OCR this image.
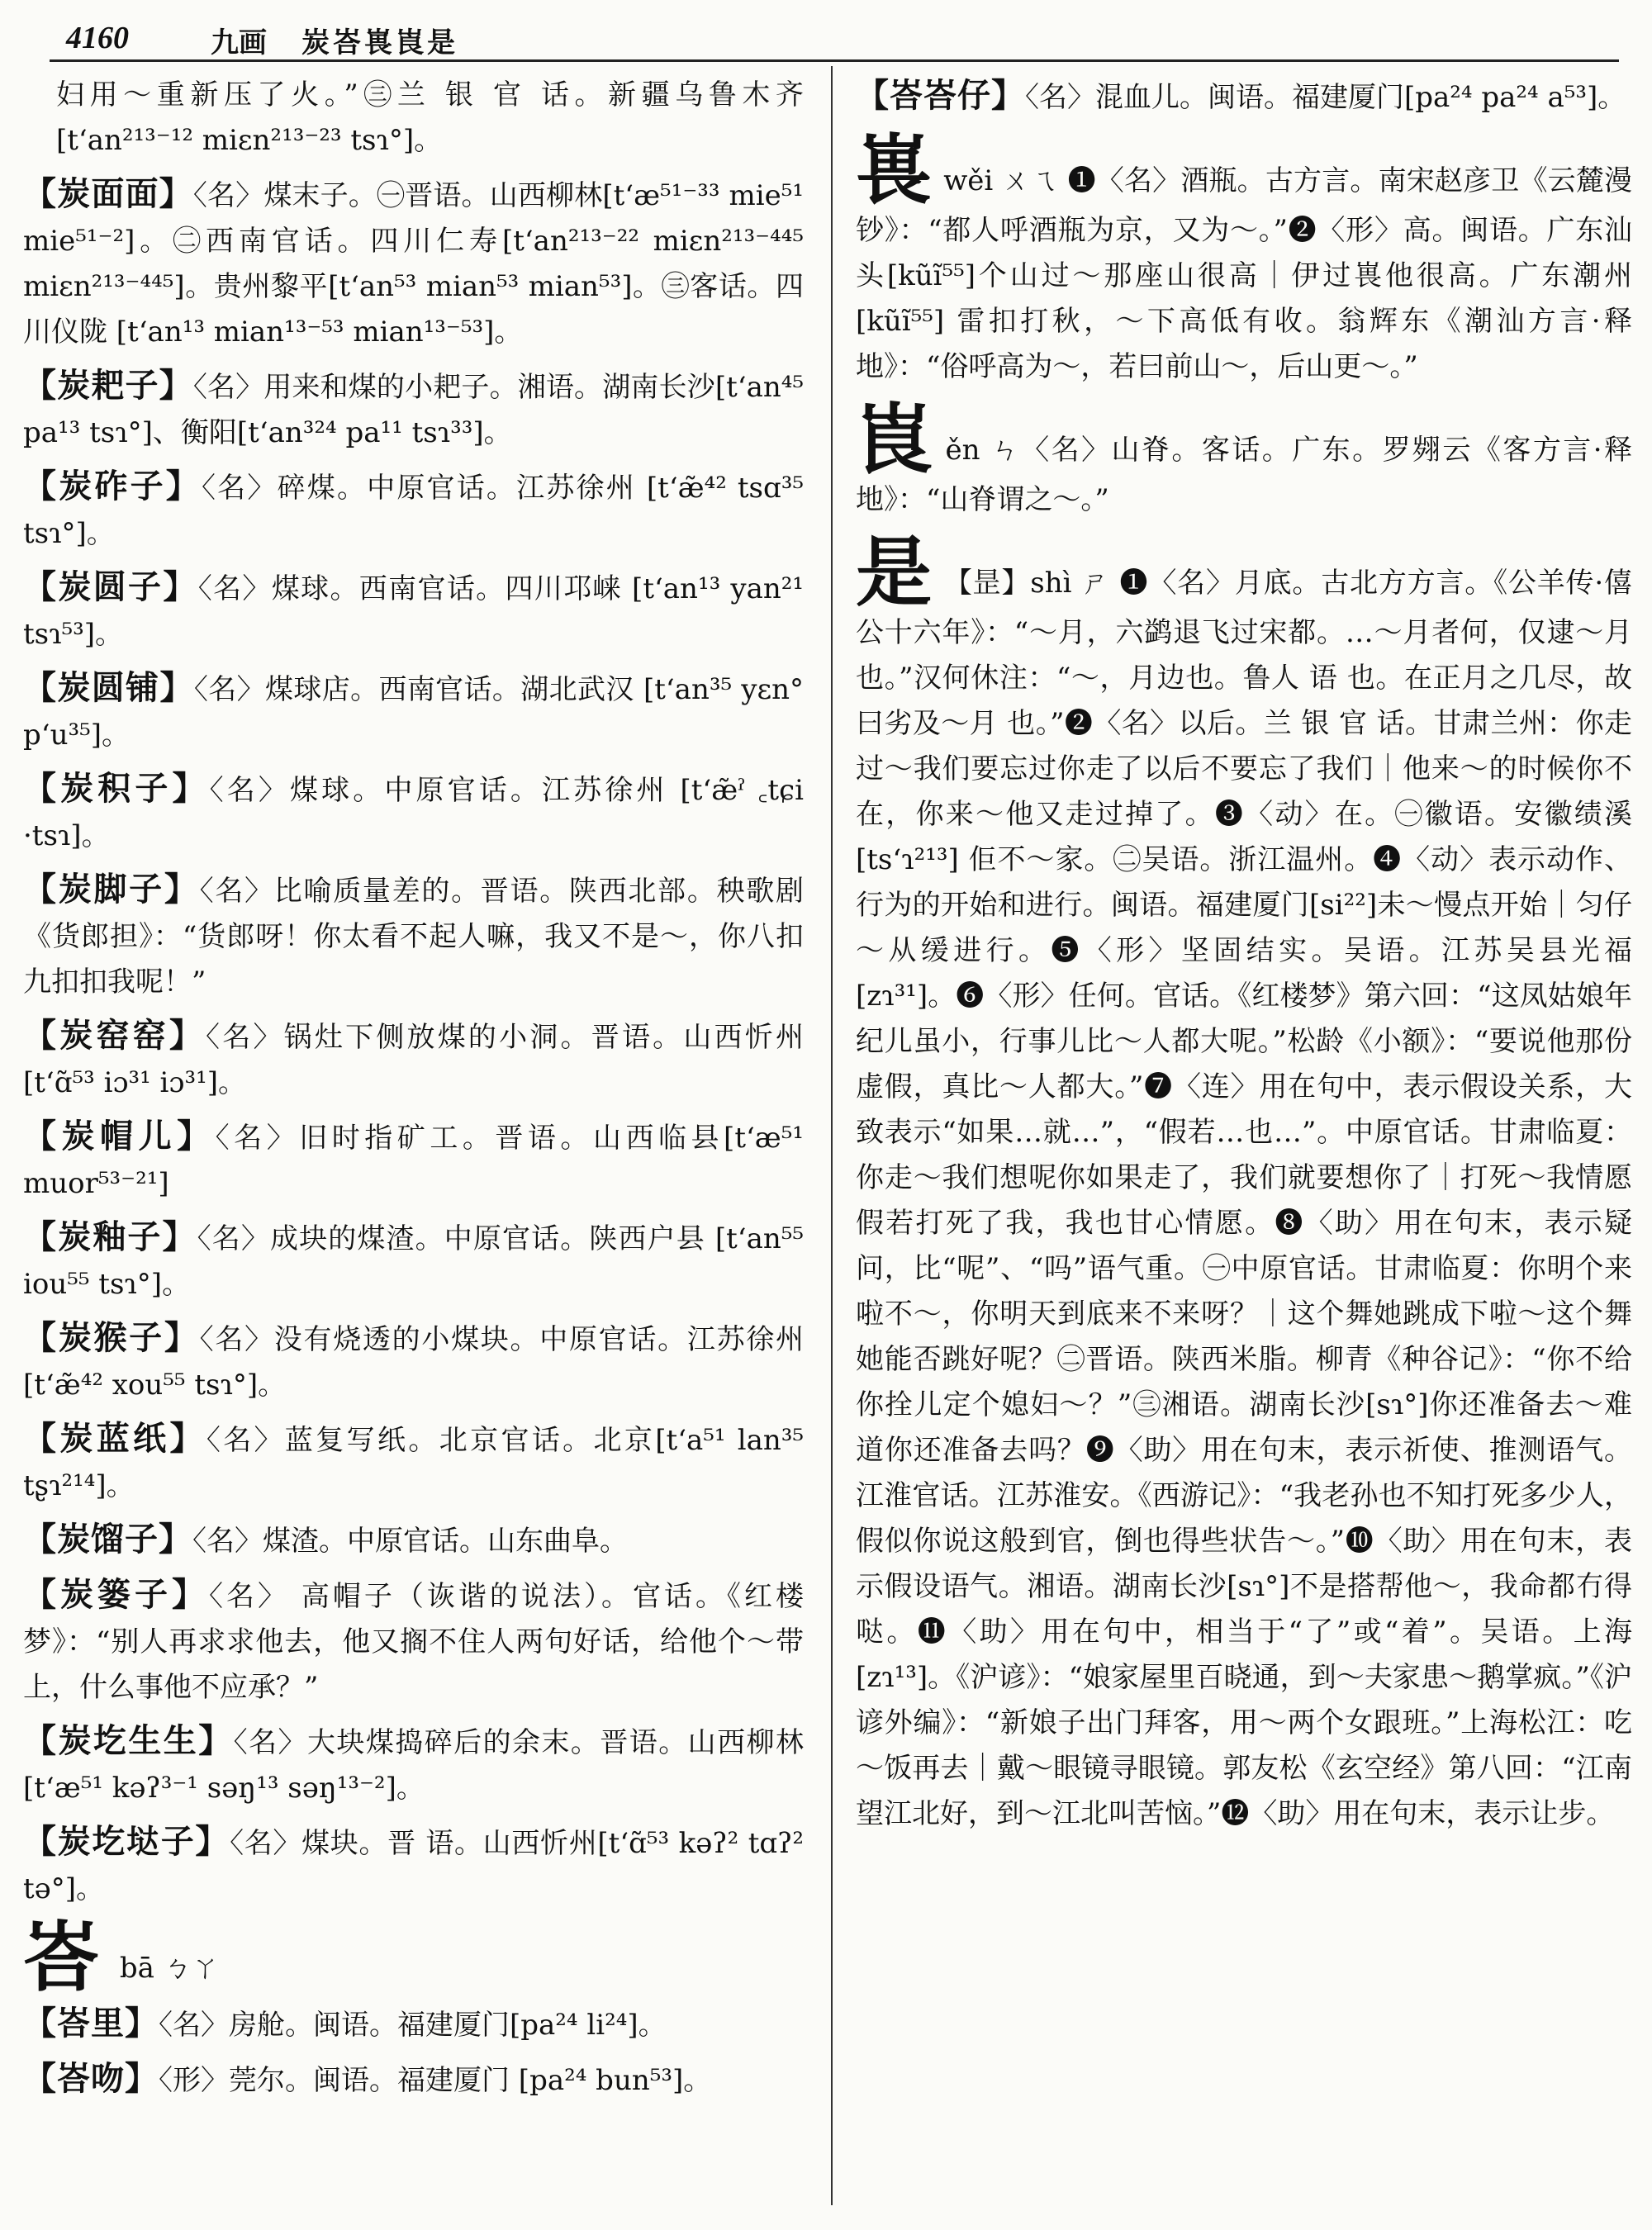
4160	九画 炭峇嵔崀是
妇用～重新压了火。”㊂兰 银 官 话。新疆乌鲁木齐[t‘an²¹³⁻¹² miɛn²¹³⁻²³ tsɿ°]。
【炭面面】〈名〉煤末子。㊀晋语。山西柳林[t‘æ⁵¹⁻³³ mie⁵¹ mie⁵¹⁻²]。㊁西南官话。四川仁寿[t‘an²¹³⁻²² miɛn²¹³⁻⁴⁴⁵ miɛn²¹³⁻⁴⁴⁵]。贵州黎平[t‘an⁵³ mian⁵³ mian⁵³]。㊂客话。四川仪陇 [t‘an¹³ mian¹³⁻⁵³ mian¹³⁻⁵³]。
【炭耙子】〈名〉用来和煤的小耙子。湘语。湖南长沙[t‘an⁴⁵ pa¹³ tsɿ°]、衡阳[t‘an³²⁴ pa¹¹ tsɿ³³]。
【炭砟子】〈名〉碎煤。中原官话。江苏徐州 [t‘æ̃⁴² tsɑ³⁵ tsɿ°]。
【炭圆子】〈名〉煤球。西南官话。四川邛崃 [t‘an¹³ yan²¹ tsɿ⁵³]。
【炭圆铺】〈名〉煤球店。西南官话。湖北武汉 [t‘an³⁵ yɛn° p‘u³⁵]。
【炭积子】〈名〉煤球。中原官话。江苏徐州 [t‘æ̃ˀ ꜀tɕi ·tsɿ]。
【炭脚子】〈名〉比喻质量差的。晋语。陕西北部。秧歌剧《货郎担》：“货郎呀！你太看不起人嘛，我又不是～，你八扣九扣扣我呢！”
【炭窑窑】〈名〉锅灶下侧放煤的小洞。晋语。山西忻州[t‘ɑ̃⁵³ iɔ³¹ iɔ³¹]。
【炭帽儿】〈名〉旧时指矿工。晋语。山西临县[t‘æ⁵¹ muor⁵³⁻²¹]
【炭釉子】〈名〉成块的煤渣。中原官话。陕西户县 [t‘an⁵⁵ iou⁵⁵ tsɿ°]。
【炭猴子】〈名〉没有烧透的小煤块。中原官话。江苏徐州[t‘æ̃⁴² xou⁵⁵ tsɿ°]。
【炭蓝纸】〈名〉蓝复写纸。北京官话。北京[t‘a⁵¹ lan³⁵ tʂɿ²¹⁴]。
【炭馏子】〈名〉煤渣。中原官话。山东曲阜。
【炭篓子】〈名〉 高帽子（诙谐的说法）。官话。《红楼梦》：“别人再求求他去，他又搁不住人两句好话，给他个～带上，什么事他不应承？”
【炭圪生生】〈名〉大块煤捣碎后的余末。晋语。山西柳林[t‘æ⁵¹ kəʔ³⁻¹ səŋ¹³ səŋ¹³⁻²]。
【炭圪垯子】〈名〉煤块。晋 语。山西忻州[t‘ɑ̃⁵³ kəʔ² tɑʔ² tə°]。
峇 bā ㄅㄚ
【峇里】〈名〉房舱。闽语。福建厦门[pa²⁴ li²⁴]。
【峇吻】〈形〉莞尔。闽语。福建厦门 [pa²⁴ bun⁵³]。
【峇峇仔】〈名〉混血儿。闽语。福建厦门[pa²⁴ pa²⁴ a⁵³]。
嵔wěi ㄨㄟ ❶〈名〉酒瓶。古方言。南宋赵彦卫《云麓漫钞》：“都人呼酒瓶为京，又为～。”❷〈形〉高。闽语。广东汕头[kũĩ⁵⁵]个山过～那座山很高｜伊过嵔他很高。广东潮州 [kũĩ⁵⁵] 雷扣打秋，～下高低有收。翁辉东《潮汕方言·释地》：“俗呼高为～，若曰前山～，后山更～。”
崀ěn ㄣ〈名〉山脊。客话。广东。罗翙云《客方言·释地》：“山脊谓之～。”
是 【昰】shì ㄕ ❶〈名〉月底。古北方方言。《公羊传·僖公十六年》：“～月，六鹢退飞过宋都。…～月者何，仅逮～月也。”汉何休注：“～，月边也。鲁人 语 也。在正月之几尽，故曰劣及～月 也。”❷〈名〉以后。兰 银 官 话。甘肃兰州：你走过～我们要忘过你走了以后不要忘了我们｜他来～的时候你不在，你来～他又走过掉了。❸〈动〉在。㊀徽语。安徽绩溪 [ts‘ɿ²¹³] 佢不～家。㊁吴语。浙江温州。❹〈动〉表示动作、行为的开始和进行。闽语。福建厦门[si²²]未～慢点开始｜匀仔～从缓进行。❺〈形〉坚固结实。吴语。江苏吴县光福 [zɿ³¹]。❻〈形〉任何。官话。《红楼梦》第六回：“这凤姑娘年纪儿虽小，行事儿比～人都大呢。”松龄《小额》：“要说他那份虚假，真比～人都大。”❼〈连〉用在句中，表示假设关系，大致表示“如果…就…”，“假若…也…”。中原官话。甘肃临夏：你走～我们想呢你如果走了，我们就要想你了｜打死～我情愿假若打死了我，我也甘心情愿。❽〈助〉用在句末，表示疑问，比“呢”、“吗”语气重。㊀中原官话。甘肃临夏：你明个来啦不～，你明天到底来不来呀？｜这个舞她跳成下啦～这个舞她能否跳好呢？㊁晋语。陕西米脂。柳青《种谷记》：“你不给你拴儿定个媳妇～？”㊂湘语。湖南长沙[sɿ°]你还准备去～难道你还准备去吗？❾〈助〉用在句末，表示祈使、推测语气。江淮官话。江苏淮安。《西游记》：“我老孙也不知打死多少人，假似你说这般到官，倒也得些状告～。”❿〈助〉用在句末，表示假设语气。湘语。湖南长沙[sɿ°]不是搭帮他～，我命都冇得哒。⓫〈助〉用在句中，相当于“了”或“着”。吴语。上海[zɿ¹³]。《沪谚》：“娘家屋里百晓通，到～夫家患～鹅掌疯。”《沪谚外编》：“新娘子出门拜客，用～两个女跟班。”上海松江：吃～饭再去｜戴～眼镜寻眼镜。郭友松《玄空经》第八回：“江南望江北好，到～江北叫苦恼。”⓬〈助〉用在句末，表示让步。
